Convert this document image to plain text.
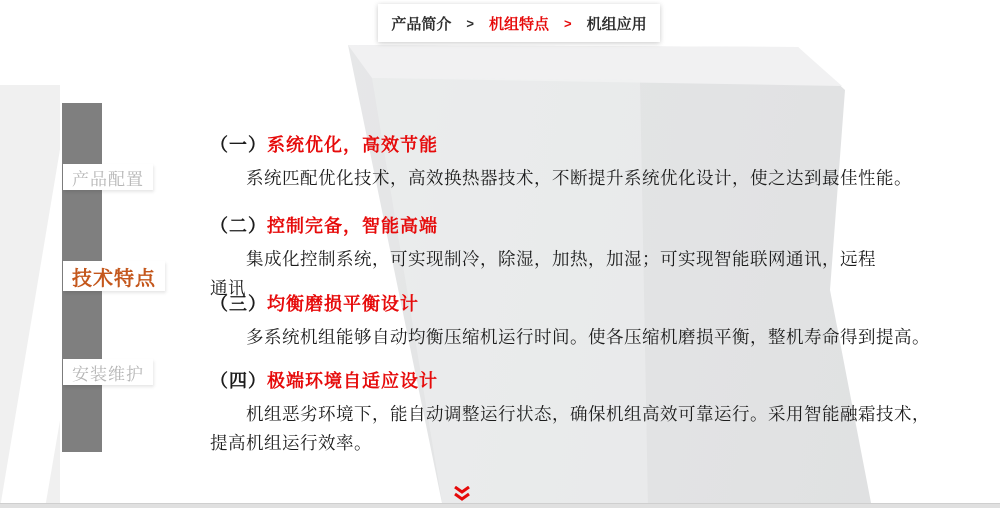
产品简介 > 机组特点 > 机组应用
产品配置
技术特点
安装维护
（一）系统优化，高效节能
系统匹配优化技术，高效换热器技术，不断提升系统优化设计，使之达到最佳性能。
（二）控制完备，智能高端
集成化控制系统，可实现制冷，除湿，加热，加湿；可实现智能联网通讯，远程
通讯
（三）均衡磨损平衡设计
多系统机组能够自动均衡压缩机运行时间。使各压缩机磨损平衡，整机寿命得到提高。
（四）极端环境自适应设计
机组恶劣环境下，能自动调整运行状态，确保机组高效可靠运行。采用智能融霜技术，
提高机组运行效率。
